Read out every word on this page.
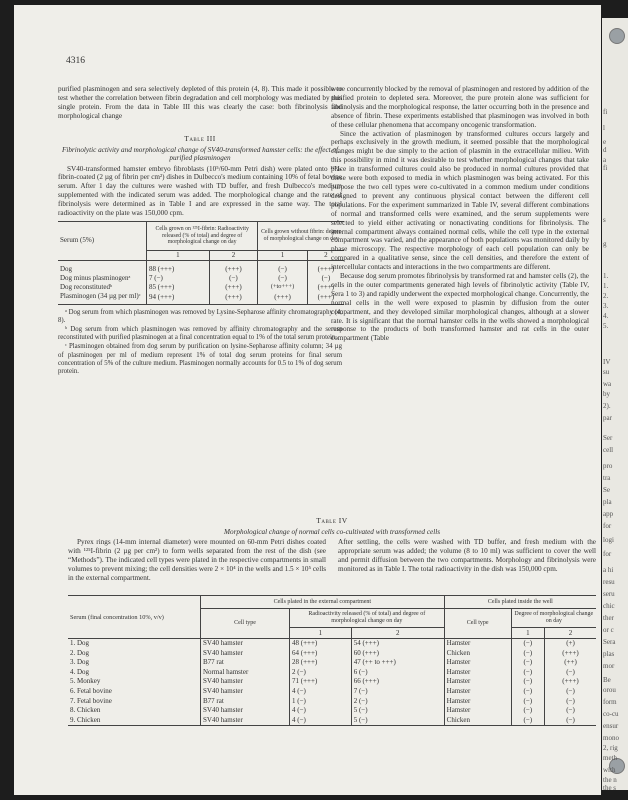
4316

purified plasminogen and sera selectively depleted of this protein (4, 8). This made it possible to test whether the correlation between fibrin degradation and cell morphology was mediated by this single protein. From the data in Table III this was clearly the case: both fibrinolysis and morphological change

Table III
Fibrinolytic activity and morphological change of SV40-transformed hamster cells: the effect of purified plasminogen

SV40-transformed hamster embryo fibroblasts (10⁵/60-mm Petri dish) were plated onto ¹²⁵I-fibrin-coated (2 µg of fibrin per cm²) dishes in Dulbecco's medium containing 10% of fetal bovine serum. After 1 day the cultures were washed with TD buffer, and fresh Dulbecco's medium supplemented with the indicated serum was added. The morphological change and the rate of fibrinolysis were determined as in Table I and are expressed in the same way. The total radioactivity on the plate was 150,000 cpm.

Serum (5%)	Cells grown on ¹²⁵I-fibrin: Radioactivity released (% of total) and degree of morphological change on day		Cells grown without fibrin: degree of morphological change on day	
	1	2	1	2
Dog	88 (+++)	(+++)	(−)	(+++)
Dog minus plasminogenᵃ	7 (−)	(−)	(−)	(−)
Dog reconstitutedᵇ	85 (+++)	(+++)	(+to+++)	(+++)
Plasminogen (34 µg per ml)ᶜ	94 (+++)	(+++)	(+++)	(+++)

ᵃ Dog serum from which plasminogen was removed by Lysine-Sepharose affinity chromatography (4, 8).

ᵇ Dog serum from which plasminogen was removed by affinity chromatography and the serum reconstituted with purified plasminogen at a final concentration equal to 1% of the total serum protein.

ᶜ Plasminogen obtained from dog serum by purification on lysine-Sepharose affinity column; 34 µg of plasminogen per ml of medium represent 1% of total dog serum proteins for final serum concentration of 5% of the culture medium. Plasminogen normally accounts for 0.5 to 1% of dog serum protein.

were concurrently blocked by the removal of plasminogen and restored by addition of the purified protein to depleted sera. Moreover, the pure protein alone was sufficient for fibrinolysis and the morphological response, the latter occurring both in the presence and absence of fibrin. These experiments established that plasminogen was involved in both of these cellular phenomena that accompany oncogenic transformation.

Since the activation of plasminogen by transformed cultures occurs largely and perhaps exclusively in the growth medium, it seemed possible that the morphological changes might be due simply to the action of plasmin in the extracellular milieu. With this possibility in mind it was desirable to test whether morphological changes that take place in transformed cultures could also be produced in normal cultures provided that these were both exposed to media in which plasminogen was being activated. For this purpose the two cell types were co-cultivated in a common medium under conditions designed to prevent any continuous physical contact between the different cell populations. For the experiment summarized in Table IV, several different combinations of normal and transformed cells were examined, and the serum supplements were selected to yield either activating or nonactivating conditions for fibrinolysis. The internal compartment always contained normal cells, while the cell type in the external compartment was varied, and the appearance of both populations was monitored daily by phase microscopy. The respective morphology of each cell population can only be compared in a qualitative sense, since the cell densities, and therefore the extent of intercellular contacts and interactions in the two compartments are different.

Because dog serum promotes fibrinolysis by transformed rat and hamster cells (2), the cells in the outer compartments generated high levels of fibrinolytic activity (Table IV, Sera 1 to 3) and rapidly underwent the expected morphological change. Concurrently, the normal cells in the well were exposed to plasmin by diffusion from the outer compartment, and they developed similar morphological changes, although at a slower rate. It is significant that the normal hamster cells in the wells showed a morphological response to the products of both transformed hamster and rat cells in the outer compartment (Table

Table IV
Morphological change of normal cells co-cultivated with transformed cells

Pyrex rings (14-mm internal diameter) were mounted on 60-mm Petri dishes coated with ¹²⁵I-fibrin (2 µg per cm²) to form wells separated from the rest of the dish (see “Methods”). The indicated cell types were plated in the respective compartments in small volumes to prevent mixing; the cell densities were 2 × 10⁴ in the wells and 1.5 × 10⁵ cells in the external compartment.

After settling, the cells were washed with TD buffer, and fresh medium with the appropriate serum was added; the volume (8 to 10 ml) was sufficient to cover the well and permit diffusion between the two compartments. Morphology and fibrinolysis were monitored as in Table I. The total radioactivity in the dish was 150,000 cpm.

Serum (final concentration 10%, v/v)	Cells plated in the external compartment			Cells plated inside the well		
	Cell type	Radioactivity released (% of total) and degree of morphological change on day		Cell type	Degree of morphological change on day	
		1	2		1	2
1. Dog	SV40 hamster	48 (+++)	54 (+++)	Hamster	(−)	(+)
2. Dog	SV40 hamster	64 (+++)	60 (+++)	Chicken	(−)	(+++)
3. Dog	B77 rat	28 (+++)	47 (++ to +++)	Hamster	(−)	(++)
4. Dog	Normal hamster	2 (−)	6 (−)	Hamster	(−)	(−)
5. Monkey	SV40 hamster	71 (+++)	66 (+++)	Hamster	(−)	(+++)
6. Fetal bovine	SV40 hamster	4 (−)	7 (−)	Hamster	(−)	(−)
7. Fetal bovine	B77 rat	1 (−)	2 (−)	Hamster	(−)	(−)
8. Chicken	SV40 hamster	4 (−)	5 (−)	Hamster	(−)	(−)
9. Chicken	SV40 hamster	4 (−)	5 (−)	Chicken	(−)	(−)
fi
l
e
d
a
fi
s
g
1.
1.
2.
3.
4.
5.
IV
su
wa
by
2).
par
Ser
cell
pro
tra
Se
pla
app
for
logi
for
a hi
resu
seru
chic
ther
or c
Sera
plas
mor
Be
orou
form
co-cu
ensur
mono
2, rig
meth
with
the n
the s
